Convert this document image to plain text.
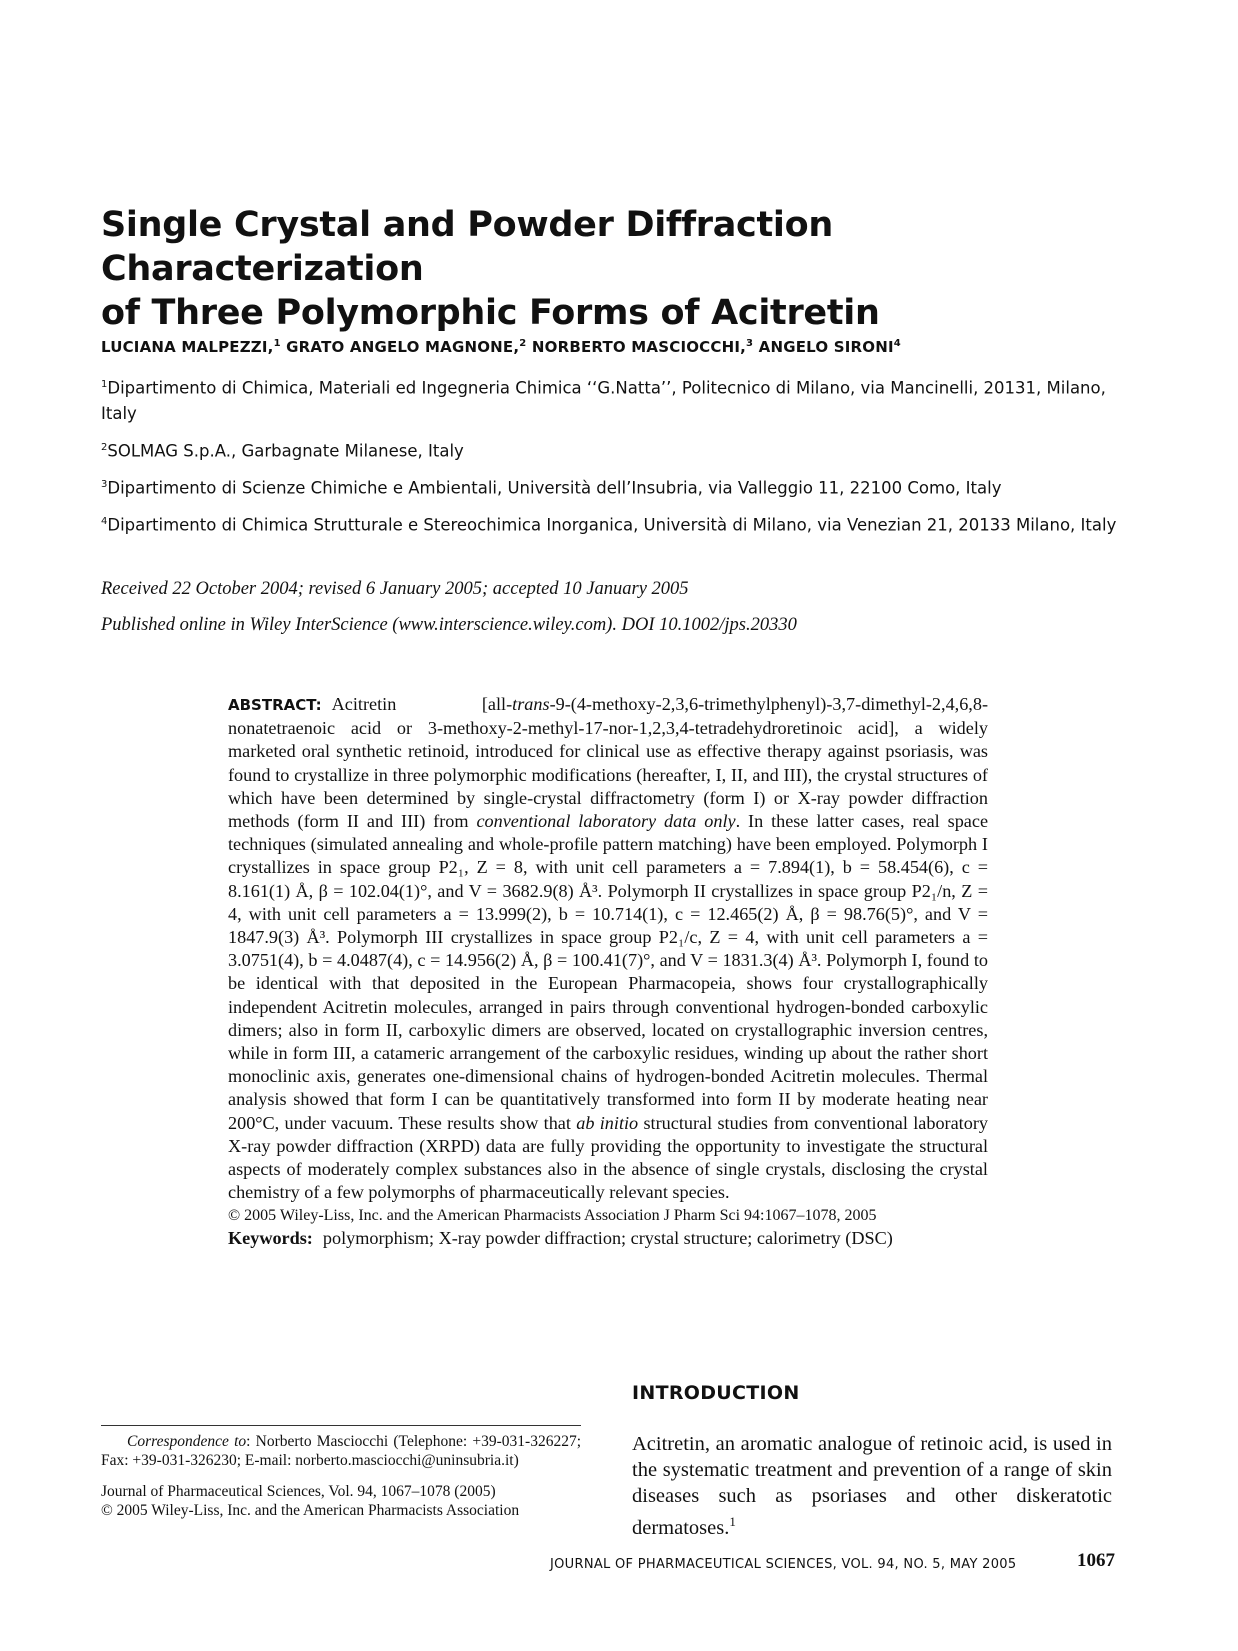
Single Crystal and Powder Diffraction Characterization
of Three Polymorphic Forms of Acitretin
LUCIANA MALPEZZI,$^1$ GRATO ANGELO MAGNONE,$^2$ NORBERTO MASCIOCCHI,$^3$ ANGELO SIRONI$^4$
$^1$Dipartimento di Chimica, Materiali ed Ingegneria Chimica ‘‘G.Natta’’, Politecnico di Milano, via Mancinelli, 20131, Milano, Italy
$^2$SOLMAG S.p.A., Garbagnate Milanese, Italy
$^3$Dipartimento di Scienze Chimiche e Ambientali, Università dell’Insubria, via Valleggio 11, 22100 Como, Italy
$^4$Dipartimento di Chimica Strutturale e Stereochimica Inorganica, Università di Milano, via Venezian 21, 20133 Milano, Italy
Received 22 October 2004; revised 6 January 2005; accepted 10 January 2005
Published online in Wiley InterScience (www.interscience.wiley.com). DOI 10.1002/jps.20330

ABSTRACT: Acitretin [all-trans-9-(4-methoxy-2,3,6-trimethylphenyl)-3,7-dimethyl-2,4,6,8-nonatetraenoic acid or 3-methoxy-2-methyl-17-nor-1,2,3,4-tetradehydroretinoic acid], a widely marketed oral synthetic retinoid, introduced for clinical use as effective therapy against psoriasis, was found to crystallize in three polymorphic modifications (hereafter, I, II, and III), the crystal structures of which have been determined by single-crystal diffractometry (form I) or X-ray powder diffraction methods (form II and III) from conventional laboratory data only. In these latter cases, real space techniques (simulated annealing and whole-profile pattern matching) have been employed. Polymorph I crystallizes in space group P2₁, Z = 8, with unit cell parameters a = 7.894(1), b = 58.454(6), c = 8.161(1) Å, β = 102.04(1)°, and V = 3682.9(8) Å³. Polymorph II crystallizes in space group P2₁/n, Z = 4, with unit cell parameters a = 13.999(2), b = 10.714(1), c = 12.465(2) Å, β = 98.76(5)°, and V = 1847.9(3) Å³. Polymorph III crystallizes in space group P2₁/c, Z = 4, with unit cell parameters a = 3.0751(4), b = 4.0487(4), c = 14.956(2) Å, β = 100.41(7)°, and V = 1831.3(4) Å³. Polymorph I, found to be identical with that deposited in the European Pharmacopeia, shows four crystallographically independent Acitretin molecules, arranged in pairs through conventional hydrogen-bonded carboxylic dimers; also in form II, carboxylic dimers are observed, located on crystallographic inversion centres, while in form III, a catameric arrangement of the carboxylic residues, winding up about the rather short monoclinic axis, generates one-dimensional chains of hydrogen-bonded Acitretin molecules. Thermal analysis showed that form I can be quantitatively transformed into form II by moderate heating near 200°C, under vacuum. These results show that ab initio structural studies from conventional laboratory X-ray powder diffraction (XRPD) data are fully providing the opportunity to investigate the structural aspects of moderately complex substances also in the absence of single crystals, disclosing the crystal chemistry of a few polymorphs of pharmaceutically relevant species.

© 2005 Wiley-Liss, Inc. and the American Pharmacists Association J Pharm Sci 94:1067–1078, 2005

Keywords: polymorphism; X-ray powder diffraction; crystal structure; calorimetry (DSC)

INTRODUCTION
Acitretin, an aromatic analogue of retinoic acid, is used in the systematic treatment and prevention of a range of skin diseases such as psoriases and other diskeratotic dermatoses.$^1$

Correspondence to: Norberto Masciocchi (Telephone: +39-031-326227; Fax: +39-031-326230; E-mail: norberto.masciocchi@uninsubria.it)

Journal of Pharmaceutical Sciences, Vol. 94, 1067–1078 (2005)

© 2005 Wiley-Liss, Inc. and the American Pharmacists Association

JOURNAL OF PHARMACEUTICAL SCIENCES, VOL. 94, NO. 5, MAY 2005	1067
